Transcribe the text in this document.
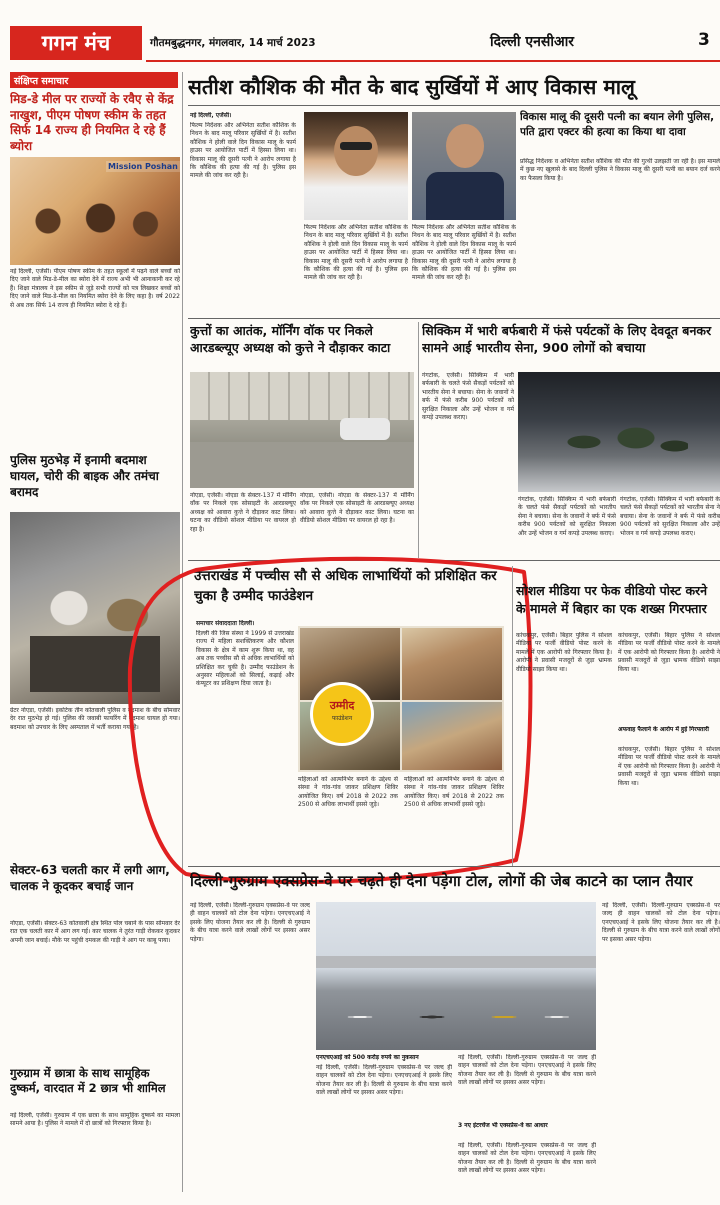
गगन मंच	गौतमबुद्धनगर, मंगलवार, 14 मार्च 2023	दिल्ली एनसीआर	3
संक्षिप्त समाचार
मिड-डे मील पर राज्यों के रवैए से केंद्र नाखुश, पीएम पोषण स्कीम के तहत सिर्फ 14 राज्य ही नियमित दे रहे हैं ब्योरा
Mission Poshan
नई दिल्ली, एजेंसी। पीएम पोषण स्कीम के तहत स्कूलों में पढ़ने वाले बच्चों को दिए जाने वाले मिड-डे-मील का ब्योरा देने में राज्य अभी भी आनाकानी कर रहे हैं। शिक्षा मंत्रालय ने इस स्कीम से जुड़े सभी राज्यों को पत्र लिखकर बच्चों को दिए जाने वाले मिड-डे-मील का नियमित ब्योरा देने के लिए कहा है। वर्ष 2022 से अब तक सिर्फ 14 राज्य ही नियमित ब्योरा दे रहे हैं।
पुलिस मुठभेड़ में इनामी बदमाश घायल, चोरी की बाइक और तमंचा बरामद
ग्रेटर नोएडा, एजेंसी। इकोटेक तीन कोतवाली पुलिस व बदमाश के बीच सोमवार देर रात मुठभेड़ हो गई। पुलिस की जवाबी फायरिंग में बदमाश घायल हो गया। बदमाश को उपचार के लिए अस्पताल में भर्ती कराया गया है।
सेक्टर-63 चलती कार में लगी आग, चालक ने कूदकर बचाई जान
नोएडा, एजेंसी। सेक्टर-63 कोतवाली क्षेत्र स्थित पोल चबाने के पास सोमवार देर रात एक चलती कार में आग लग गई। कार चालक ने तुरंत गाड़ी रोककर कूदकर अपनी जान बचाई। मौके पर पहुंची दमकल की गाड़ी ने आग पर काबू पाया।
गुरुग्राम में छात्रा के साथ सामूहिक दुष्कर्म, वारदात में 2 छात्र भी शामिल
नई दिल्ली, एजेंसी। गुरुग्राम में एक छात्रा के साथ सामूहिक दुष्कर्म का मामला सामने आया है। पुलिस ने मामले में दो छात्रों को गिरफ्तार किया है।
सतीश कौशिक की मौत के बाद सुर्खियों में आए विकास मालू
नई दिल्ली, एजेंसी।
फिल्म निर्देशक और अभिनेता सतीश कौशिक के निधन के बाद मालू परिवार सुर्खियों में है। सतीश कौशिक ने होली वाले दिन विकास मालू के फार्म हाउस पर आयोजित पार्टी में हिस्सा लिया था। विकास मालू की दूसरी पत्नी ने आरोप लगाया है कि कौशिक की हत्या की गई है। पुलिस इस मामले की जांच कर रही है।
फिल्म निर्देशक और अभिनेता सतीश कौशिक के निधन के बाद मालू परिवार सुर्खियों में है। सतीश कौशिक ने होली वाले दिन विकास मालू के फार्म हाउस पर आयोजित पार्टी में हिस्सा लिया था। विकास मालू की दूसरी पत्नी ने आरोप लगाया है कि कौशिक की हत्या की गई है। पुलिस इस मामले की जांच कर रही है।
फिल्म निर्देशक और अभिनेता सतीश कौशिक के निधन के बाद मालू परिवार सुर्खियों में है। सतीश कौशिक ने होली वाले दिन विकास मालू के फार्म हाउस पर आयोजित पार्टी में हिस्सा लिया था। विकास मालू की दूसरी पत्नी ने आरोप लगाया है कि कौशिक की हत्या की गई है। पुलिस इस मामले की जांच कर रही है।
विकास मालू की दूसरी पत्नी का बयान लेगी पुलिस, पति द्वारा एक्टर की हत्या का किया था दावा
प्रसिद्ध निर्देशक व अभिनेता सतीश कौशिक की मौत की गुत्थी उलझती जा रही है। इस मामले में कुछ नए खुलासे के बाद दिल्ली पुलिस ने विकास मालू की दूसरी पत्नी का बयान दर्ज करने का फैसला किया है।
कुत्तों का आतंक, मॉर्निंग वॉक पर निकले आरडब्ल्यूए अध्यक्ष को कुत्ते ने दौड़ाकर काटा
नोएडा, एजेंसी। नोएडा के सेक्टर-137 में मॉर्निंग वॉक पर निकले एक सोसाइटी के आरडब्ल्यूए अध्यक्ष को आवारा कुत्ते ने दौड़ाकर काट लिया। घटना का वीडियो सोशल मीडिया पर वायरल हो रहा है।
नोएडा, एजेंसी। नोएडा के सेक्टर-137 में मॉर्निंग वॉक पर निकले एक सोसाइटी के आरडब्ल्यूए अध्यक्ष को आवारा कुत्ते ने दौड़ाकर काट लिया। घटना का वीडियो सोशल मीडिया पर वायरल हो रहा है।
सिक्किम में भारी बर्फबारी में फंसे पर्यटकों के लिए देवदूत बनकर सामने आई भारतीय सेना, 900 लोगों को बचाया
गंगटोक, एजेंसी। सिक्किम में भारी बर्फबारी के चलते फंसे सैकड़ों पर्यटकों को भारतीय सेना ने बचाया। सेना के जवानों ने बर्फ में फंसे करीब 900 पर्यटकों को सुरक्षित निकाला और उन्हें भोजन व गर्म कपड़े उपलब्ध कराए।
गंगटोक, एजेंसी। सिक्किम में भारी बर्फबारी के चलते फंसे सैकड़ों पर्यटकों को भारतीय सेना ने बचाया। सेना के जवानों ने बर्फ में फंसे करीब 900 पर्यटकों को सुरक्षित निकाला और उन्हें भोजन व गर्म कपड़े उपलब्ध कराए।
गंगटोक, एजेंसी। सिक्किम में भारी बर्फबारी के चलते फंसे सैकड़ों पर्यटकों को भारतीय सेना ने बचाया। सेना के जवानों ने बर्फ में फंसे करीब 900 पर्यटकों को सुरक्षित निकाला और उन्हें भोजन व गर्म कपड़े उपलब्ध कराए।
उत्तराखंड में पच्चीस सौ से अधिक लाभार्थियों को प्रशिक्षित कर चुका है उम्मीद फाउंडेशन
समाचार संवाददाता दिल्ली।
दिल्ली की जिस संस्था ने 1999 से उत्तराखंड राज्य में महिला सशक्तिकरण और कौशल विकास के क्षेत्र में काम शुरू किया था, वह अब तक पच्चीस सौ से अधिक लाभार्थियों को प्रशिक्षित कर चुकी है। उम्मीद फाउंडेशन के अनुसार महिलाओं को सिलाई, कढ़ाई और कंप्यूटर का प्रशिक्षण दिया जाता है।
उम्मीद
फाउंडेशन
महिलाओं को आत्मनिर्भर बनाने के उद्देश्य से संस्था ने गांव-गांव जाकर प्रशिक्षण शिविर आयोजित किए। वर्ष 2018 से 2022 तक 2500 से अधिक लाभार्थी इससे जुड़े।
महिलाओं को आत्मनिर्भर बनाने के उद्देश्य से संस्था ने गांव-गांव जाकर प्रशिक्षण शिविर आयोजित किए। वर्ष 2018 से 2022 तक 2500 से अधिक लाभार्थी इससे जुड़े।
सोशल मीडिया पर फेक वीडियो पोस्ट करने के मामले में बिहार का एक शख्स गिरफ्तार
कांचकपुर, एजेंसी। बिहार पुलिस ने सोशल मीडिया पर फर्जी वीडियो पोस्ट करने के मामले में एक आरोपी को गिरफ्तार किया है। आरोपी ने प्रवासी मजदूरों से जुड़ा भ्रामक वीडियो साझा किया था।
कांचकपुर, एजेंसी। बिहार पुलिस ने सोशल मीडिया पर फर्जी वीडियो पोस्ट करने के मामले में एक आरोपी को गिरफ्तार किया है। आरोपी ने प्रवासी मजदूरों से जुड़ा भ्रामक वीडियो साझा किया था।
अफवाह फैलाने के आरोप में हुई गिरफ्तारी
कांचकपुर, एजेंसी। बिहार पुलिस ने सोशल मीडिया पर फर्जी वीडियो पोस्ट करने के मामले में एक आरोपी को गिरफ्तार किया है। आरोपी ने प्रवासी मजदूरों से जुड़ा भ्रामक वीडियो साझा किया था।
दिल्ली-गुरुग्राम एक्सप्रेस-वे पर चढ़ते ही देना पड़ेगा टोल, लोगों की जेब काटने का प्लान तैयार
नई दिल्ली, एजेंसी। दिल्ली-गुरुग्राम एक्सप्रेस-वे पर जल्द ही वाहन चालकों को टोल देना पड़ेगा। एनएचएआई ने इसके लिए योजना तैयार कर ली है। दिल्ली से गुरुग्राम के बीच यात्रा करने वाले लाखों लोगों पर इसका असर पड़ेगा।
एनएचएआई को 500 करोड़ रुपये का नुकसान
नई दिल्ली, एजेंसी। दिल्ली-गुरुग्राम एक्सप्रेस-वे पर जल्द ही वाहन चालकों को टोल देना पड़ेगा। एनएचएआई ने इसके लिए योजना तैयार कर ली है। दिल्ली से गुरुग्राम के बीच यात्रा करने वाले लाखों लोगों पर इसका असर पड़ेगा।
नई दिल्ली, एजेंसी। दिल्ली-गुरुग्राम एक्सप्रेस-वे पर जल्द ही वाहन चालकों को टोल देना पड़ेगा। एनएचएआई ने इसके लिए योजना तैयार कर ली है। दिल्ली से गुरुग्राम के बीच यात्रा करने वाले लाखों लोगों पर इसका असर पड़ेगा।
3 नए इंटरचेंज भी एक्सप्रेस-वे का आधार
नई दिल्ली, एजेंसी। दिल्ली-गुरुग्राम एक्सप्रेस-वे पर जल्द ही वाहन चालकों को टोल देना पड़ेगा। एनएचएआई ने इसके लिए योजना तैयार कर ली है। दिल्ली से गुरुग्राम के बीच यात्रा करने वाले लाखों लोगों पर इसका असर पड़ेगा।
नई दिल्ली, एजेंसी। दिल्ली-गुरुग्राम एक्सप्रेस-वे पर जल्द ही वाहन चालकों को टोल देना पड़ेगा। एनएचएआई ने इसके लिए योजना तैयार कर ली है। दिल्ली से गुरुग्राम के बीच यात्रा करने वाले लाखों लोगों पर इसका असर पड़ेगा।
